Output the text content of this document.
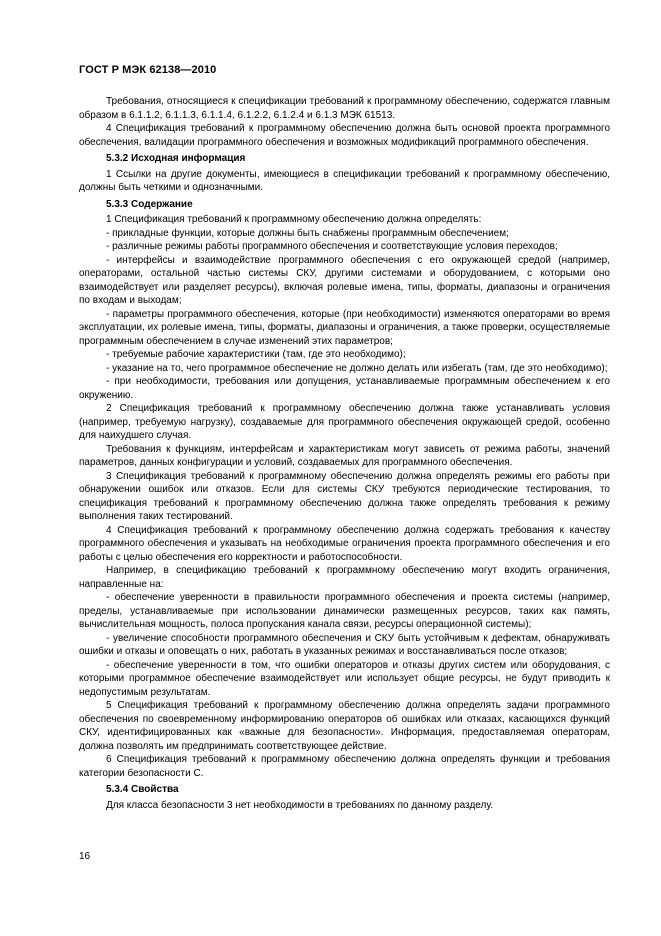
ГОСТ Р МЭК 62138—2010

Требования, относящиеся к спецификации требований к программному обеспечению, содержатся главным образом в 6.1.1.2, 6.1.1.3, 6.1.1.4, 6.1.2.2, 6.1.2.4 и 6.1.3 МЭК 61513.

4 Спецификация требований к программному обеспечению должна быть основой проекта программного обеспечения, валидации программного обеспечения и возможных модификаций программного обеспечения.

5.3.2 Исходная информация

1 Ссылки на другие документы, имеющиеся в спецификации требований к программному обеспечению, должны быть четкими и однозначными.

5.3.3 Содержание

1 Спецификация требований к программному обеспечению должна определять:

- прикладные функции, которые должны быть снабжены программным обеспечением;

- различные режимы работы программного обеспечения и соответствующие условия переходов;

- интерфейсы и взаимодействие программного обеспечения с его окружающей средой (например, операторами, остальной частью системы СКУ, другими системами и оборудованием, с которыми оно взаимодействует или разделяет ресурсы), включая ролевые имена, типы, форматы, диапазоны и ограничения по входам и выходам;

- параметры программного обеспечения, которые (при необходимости) изменяются операторами во время эксплуатации, их ролевые имена, типы, форматы, диапазоны и ограничения, а также проверки, осуществляемые программным обеспечением в случае изменений этих параметров;

- требуемые рабочие характеристики (там, где это необходимо);

- указание на то, чего программное обеспечение не должно делать или избегать (там, где это необходимо);

- при необходимости, требования или допущения, устанавливаемые программным обеспечением к его окружению.

2 Спецификация требований к программному обеспечению должна также устанавливать условия (например, требуемую нагрузку), создаваемые для программного обеспечения окружающей средой, особенно для наихудшего случая.

Требования к функциям, интерфейсам и характеристикам могут зависеть от режима работы, значений параметров, данных конфигурации и условий, создаваемых для программного обеспечения.

3 Спецификация требований к программному обеспечению должна определять режимы его работы при обнаружении ошибок или отказов. Если для системы СКУ требуются периодические тестирования, то спецификация требований к программному обеспечению должна также определять требования к режиму выполнения таких тестирований.

4 Спецификация требований к программному обеспечению должна содержать требования к качеству программного обеспечения и указывать на необходимые ограничения проекта программного обеспечения и его работы с целью обеспечения его корректности и работоспособности.

Например, в спецификацию требований к программному обеспечению могут входить ограничения, направленные на:

- обеспечение уверенности в правильности программного обеспечения и проекта системы (например, пределы, устанавливаемые при использовании динамически размещенных ресурсов, таких как память, вычислительная мощность, полоса пропускания канала связи, ресурсы операционной системы);

- увеличение способности программного обеспечения и СКУ быть устойчивым к дефектам, обнаруживать ошибки и отказы и оповещать о них, работать в указанных режимах и восстанавливаться после отказов;

- обеспечение уверенности в том, что ошибки операторов и отказы других систем или оборудования, с которыми программное обеспечение взаимодействует или использует общие ресурсы, не будут приводить к недопустимым результатам.

5 Спецификация требований к программному обеспечению должна определять задачи программного обеспечения по своевременному информированию операторов об ошибках или отказах, касающихся функций СКУ, идентифицированных как «важные для безопасности». Информация, предоставляемая операторам, должна позволять им предпринимать соответствующее действие.

6 Спецификация требований к программному обеспечению должна определять функции и требования категории безопасности С.

5.3.4 Свойства

Для класса безопасности 3 нет необходимости в требованиях по данному разделу.

16
